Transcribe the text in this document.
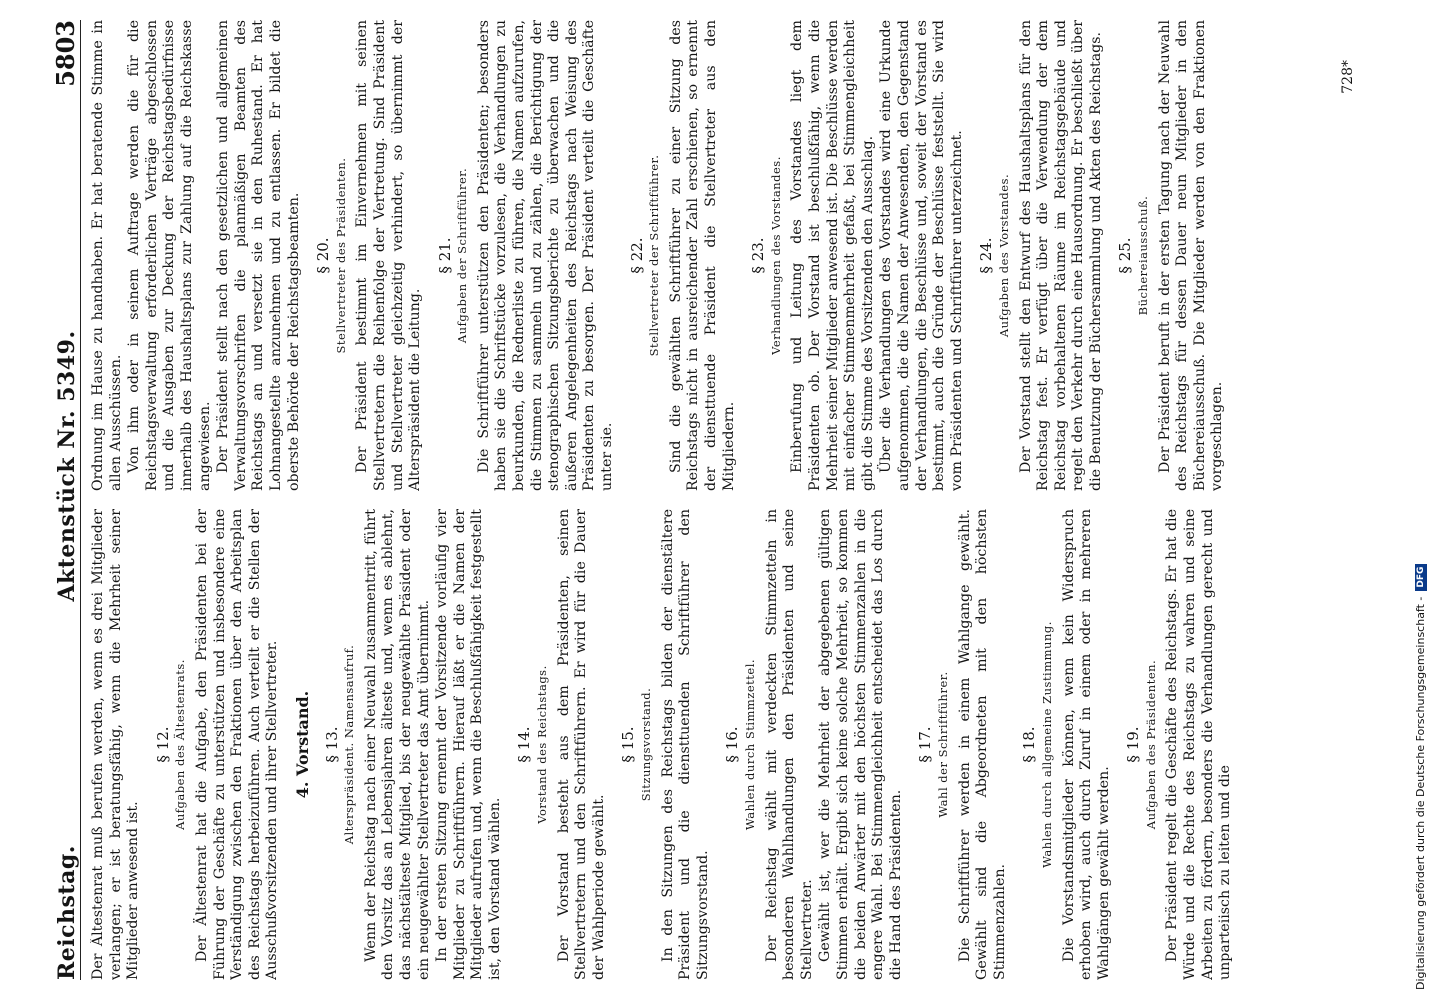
Reichstag.
Aktenstück Nr. 5349.
5803

Der Ältestenrat muß berufen werden, wenn es drei Mitglieder verlangen; er ist beratungsfähig, wenn die Mehrheit seiner Mitglieder anwesend ist.

§ 12. Aufgaben des Ältestenrats. Der Ältestenrat hat die Aufgabe, den Präsidenten bei der Führung der Geschäfte zu unterstützen und insbesondere eine Verständigung zwischen den Fraktionen über den Arbeitsplan des Reichstags herbeizuführen. Auch verteilt er die Stellen der Ausschußvorsitzenden und ihrer Stellvertreter. 4. Vorstand. § 13. Alterspräsident. Namensaufruf. Wenn der Reichstag nach einer Neuwahl zusammentritt, führt den Vorsitz das an Lebensjahren älteste und, wenn es ablehnt, das nächstälteste Mitglied, bis der neugewählte Präsident oder ein neugewählter Stellvertreter das Amt übernimmt. In der ersten Sitzung ernennt der Vorsitzende vorläufig vier Mitglieder zu Schriftführern. Hierauf läßt er die Namen der Mitglieder aufrufen und, wenn die Beschlußfähigkeit festgestellt ist, den Vorstand wählen.

§ 14. Vorstand des Reichstags. Der Vorstand besteht aus dem Präsidenten, seinen Stellvertretern und den Schriftführern. Er wird für die Dauer der Wahlperiode gewählt.

§ 15. Sitzungsvorstand. In den Sitzungen des Reichstags bilden der dienstältere Präsident und die diensttuenden Schriftführer den Sitzungsvorstand.

§ 16. Wahlen durch Stimmzettel. Der Reichstag wählt mit verdeckten Stimmzetteln in besonderen Wahlhandlungen den Präsidenten und seine Stellvertreter. Gewählt ist, wer die Mehrheit der abgegebenen gültigen Stimmen erhält. Ergibt sich keine solche Mehrheit, so kommen die beiden Anwärter mit den höchsten Stimmenzahlen in die engere Wahl. Bei Stimmengleichheit entscheidet das Los durch die Hand des Präsidenten.

§ 17. Wahl der Schriftführer. Die Schriftführer werden in einem Wahlgange gewählt. Gewählt sind die Abgeordneten mit den höchsten Stimmenzahlen.

§ 18. Wahlen durch allgemeine Zustimmung. Die Vorstandsmitglieder können, wenn kein Widerspruch erhoben wird, auch durch Zuruf in einem oder in mehreren Wahlgängen gewählt werden.

§ 19. Aufgaben des Präsidenten. Der Präsident regelt die Geschäfte des Reichstags. Er hat die Würde und die Rechte des Reichstags zu wahren und seine Arbeiten zu fördern, besonders die Verhandlungen gerecht und unparteiisch zu leiten und die

Ordnung im Hause zu handhaben. Er hat beratende Stimme in allen Ausschüssen. Von ihm oder in seinem Auftrage werden die für die Reichstagsverwaltung erforderlichen Verträge abgeschlossen und die Ausgaben zur Deckung der Reichstagsbedürfnisse innerhalb des Haushaltsplans zur Zahlung auf die Reichskasse angewiesen. Der Präsident stellt nach den gesetzlichen und allgemeinen Verwaltungsvorschriften die planmäßigen Beamten des Reichstags an und versetzt sie in den Ruhestand. Er hat Lohnangestellte anzunehmen und zu entlassen. Er bildet die oberste Behörde der Reichstagsbeamten. § 20. Stellvertreter des Präsidenten. Der Präsident bestimmt im Einvernehmen mit seinen Stellvertretern die Reihenfolge der Vertretung. Sind Präsident und Stellvertreter gleichzeitig verhindert, so übernimmt der Alterspräsident die Leitung.

§ 21. Aufgaben der Schriftführer. Die Schriftführer unterstützen den Präsidenten; besonders haben sie die Schriftstücke vorzulesen, die Verhandlungen zu beurkunden, die Rednerliste zu führen, die Namen aufzurufen, die Stimmen zu sammeln und zu zählen, die Berichtigung der stenographischen Sitzungsberichte zu überwachen und die äußeren Angelegenheiten des Reichstags nach Weisung des Präsidenten zu besorgen. Der Präsident verteilt die Geschäfte unter sie.

§ 22. Stellvertreter der Schriftführer. Sind die gewählten Schriftführer zu einer Sitzung des Reichstags nicht in ausreichender Zahl erschienen, so ernennt der diensttuende Präsident die Stellvertreter aus den Mitgliedern.

§ 23. Verhandlungen des Vorstandes. Einberufung und Leitung des Vorstandes liegt dem Präsidenten ob. Der Vorstand ist beschlußfähig, wenn die Mehrheit seiner Mitglieder anwesend ist. Die Beschlüsse werden mit einfacher Stimmenmehrheit gefaßt, bei Stimmengleichheit gibt die Stimme des Vorsitzenden den Ausschlag. Über die Verhandlungen des Vorstandes wird eine Urkunde aufgenommen, die die Namen der Anwesenden, den Gegenstand der Verhandlungen, die Beschlüsse und, soweit der Vorstand es bestimmt, auch die Gründe der Beschlüsse feststellt. Sie wird vom Präsidenten und Schriftführer unterzeichnet. § 24. Aufgaben des Vorstandes. Der Vorstand stellt den Entwurf des Haushaltsplans für den Reichstag fest. Er verfügt über die Verwendung der dem Reichstag vorbehaltenen Räume im Reichstagsgebäude und regelt den Verkehr durch eine Hausordnung. Er beschließt über die Benutzung der Büchersammlung und Akten des Reichstags. § 25. Büchereiausschuß. Der Präsident beruft in der ersten Tagung nach der Neuwahl des Reichstags für dessen Dauer neun Mitglieder in den Büchereiausschuß. Die Mitglieder werden von den Fraktionen vorgeschlagen.

728*
Digitalisierung gefördert durch die Deutsche Forschungsgemeinschaft -
DFG
